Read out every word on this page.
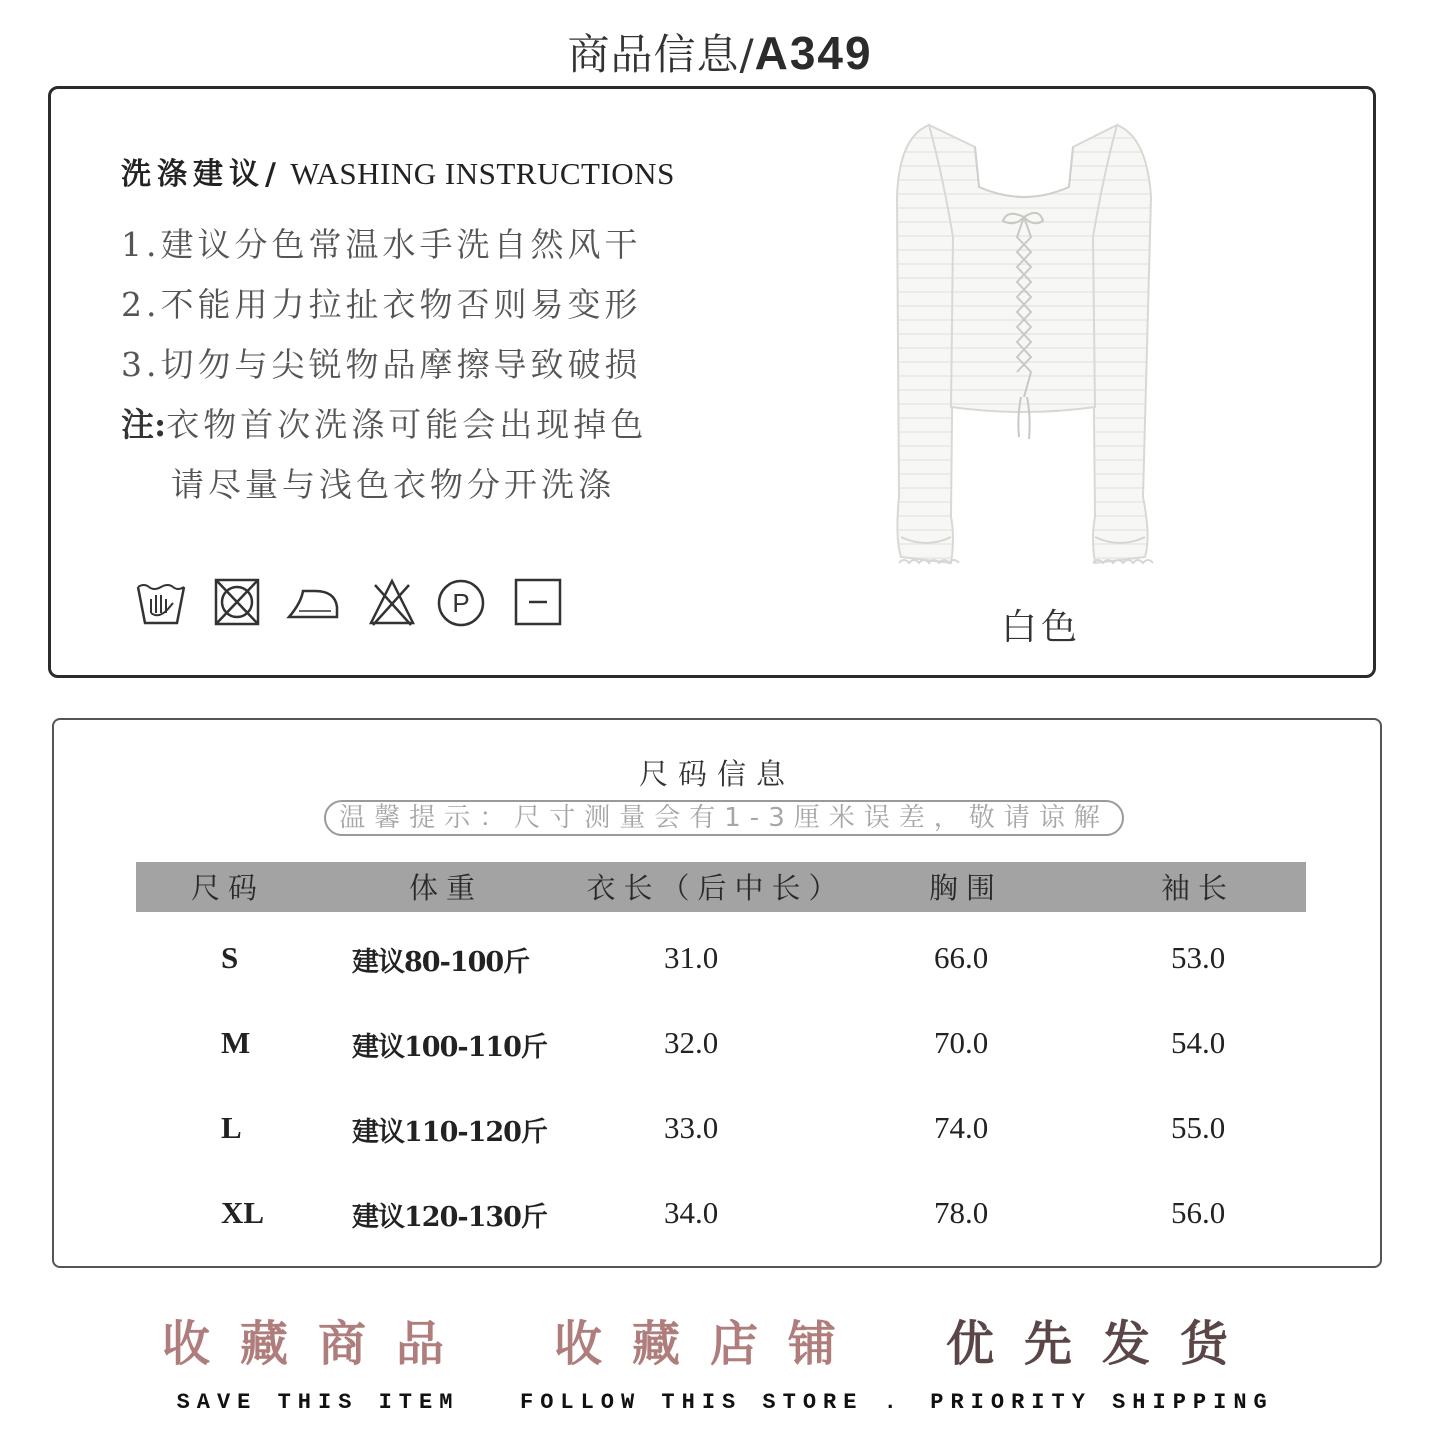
商品信息/A349
洗涤建议/ WASHING INSTRUCTIONS
1.建议分色常温水手洗自然风干
2.不能用力拉扯衣物否则易变形
3.切勿与尖锐物品摩擦导致破损
注:衣物首次洗涤可能会出现掉色
请尽量与浅色衣物分开洗涤
P
白色
尺码信息
温馨提示：尺寸测量会有1-3厘米误差，敬请谅解
尺码	体重	衣长（后中长）	胸围	袖长
S	建议80-100斤	31.0	66.0	53.0
M	建议100-110斤	32.0	70.0	54.0
L	建议110-120斤	33.0	74.0	55.0
XL	建议120-130斤	34.0	78.0	56.0
收藏商品
SAVE THIS ITEM
收藏店铺
FOLLOW THIS STORE .
优先发货
PRIORITY SHIPPING
